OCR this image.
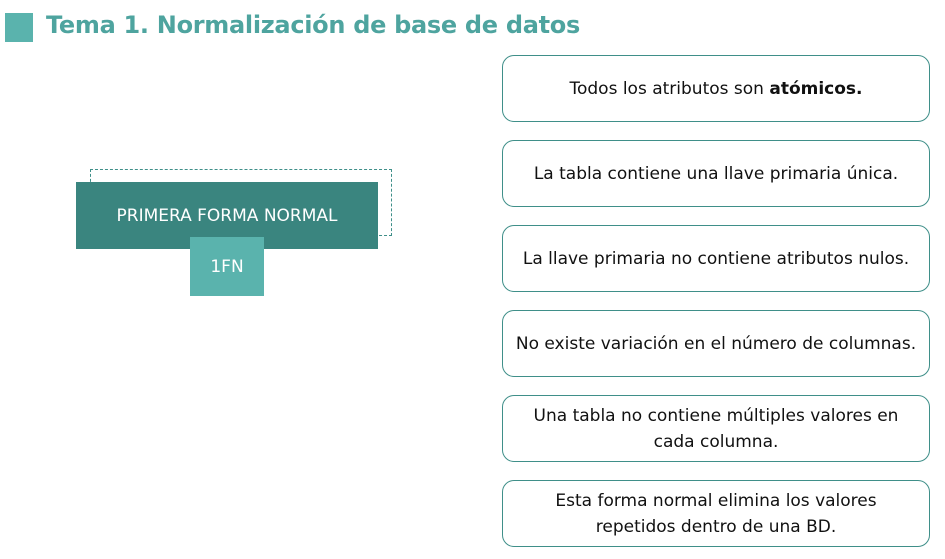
Tema 1. Normalización de base de datos
PRIMERA FORMA NORMAL
1FN
Todos los atributos son atómicos.
La tabla contiene una llave primaria única.
La llave primaria no contiene atributos nulos.
No existe variación en el número de columnas.
Una tabla no contiene múltiples valores en cada columna.
Esta forma normal elimina los valores repetidos dentro de una BD.
